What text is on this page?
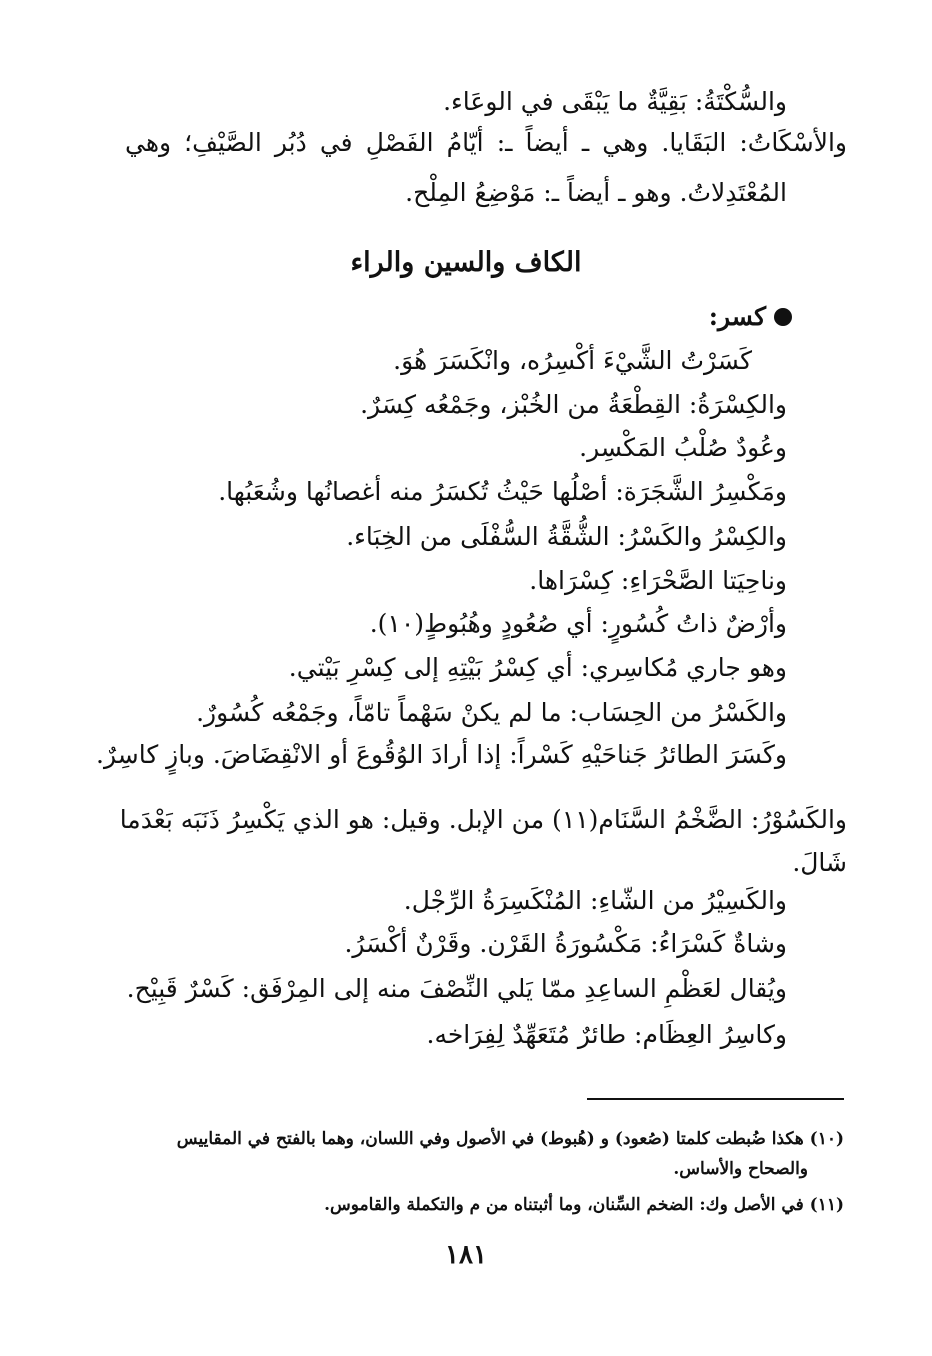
والسُّكْتَةُ: بَقِيَّةٌ ما يَبْقَى في الوعَاء.
والأسْكَاتُ: البَقَايا. وهي ـ أيضاً ـ: أيّامُ الفَصْلِ في دُبُر الصَّيْفِ؛ وهي
المُعْتَدِلاتُ. وهو ـ أيضاً ـ: مَوْضِعُ المِلْح.
الكاف والسين والراء
كسر:
كَسَرْتُ الشَّيْءَ أكْسِرُه، وانْكَسَرَ هُوَ.
والكِسْرَةُ: القِطْعَةُ من الخُبْز، وجَمْعُه كِسَرٌ.
وعُودٌ صُلْبُ المَكْسِر.
ومَكْسِرُ الشَّجَرَة: أصْلُها حَيْثُ تُكسَرُ منه أغصانُها وشُعَبُها.
والكِسْرُ والكَسْرُ: الشُّقَّةُ السُّفْلَى من الخِبَاء.
وناحِيَتا الصَّحْرَاءِ: كِسْرَاها.
وأرْضٌ ذاتُ كُسُورٍ: أي صُعُودٍ وهُبُوطٍ(١٠).
وهو جاري مُكاسِري: أي كِسْرُ بَيْتِهِ إلى كِسْرِ بَيْتي.
والكَسْرُ من الحِسَاب: ما لم يكنْ سَهْماً تامّاً، وجَمْعُه كُسُورٌ.
وكَسَرَ الطائرُ جَناحَيْهِ كَسْراً: إذا أرادَ الوُقُوعَ أو الانْقِضَاضَ. وبازٍ كاسِرٌ.
والكَسُوْرُ: الضَّخْمُ السَّنَام(١١) من الإبل. وقيل: هو الذي يَكْسِرُ ذَنَبَه بَعْدَما
شَالَ.
والكَسِيْرُ من الشّاءِ: المُنْكَسِرَةُ الرِّجْل.
وشاةٌ كَسْرَاءُ: مَكْسُورَةُ القَرْن. وقَرْنٌ أكْسَرُ.
ويُقال لعَظْمِ الساعِدِ ممّا يَلي النِّصْفَ منه إلى المِرْفَق: كَسْرٌ قَبِيْح.
وكاسِرُ العِظَام: طائرٌ مُتَعَهِّدٌ لِفِرَاخه.
(١٠) هكذا ضُبطت كلمتا (صُعود) و (هُبوط) في الأصول وفي اللسان، وهما بالفتح في المقاييس
والصحاح والأساس.
(١١) في الأصل وك: الضخم السِّنان، وما أثبتناه من م والتكملة والقاموس.
١٨١
